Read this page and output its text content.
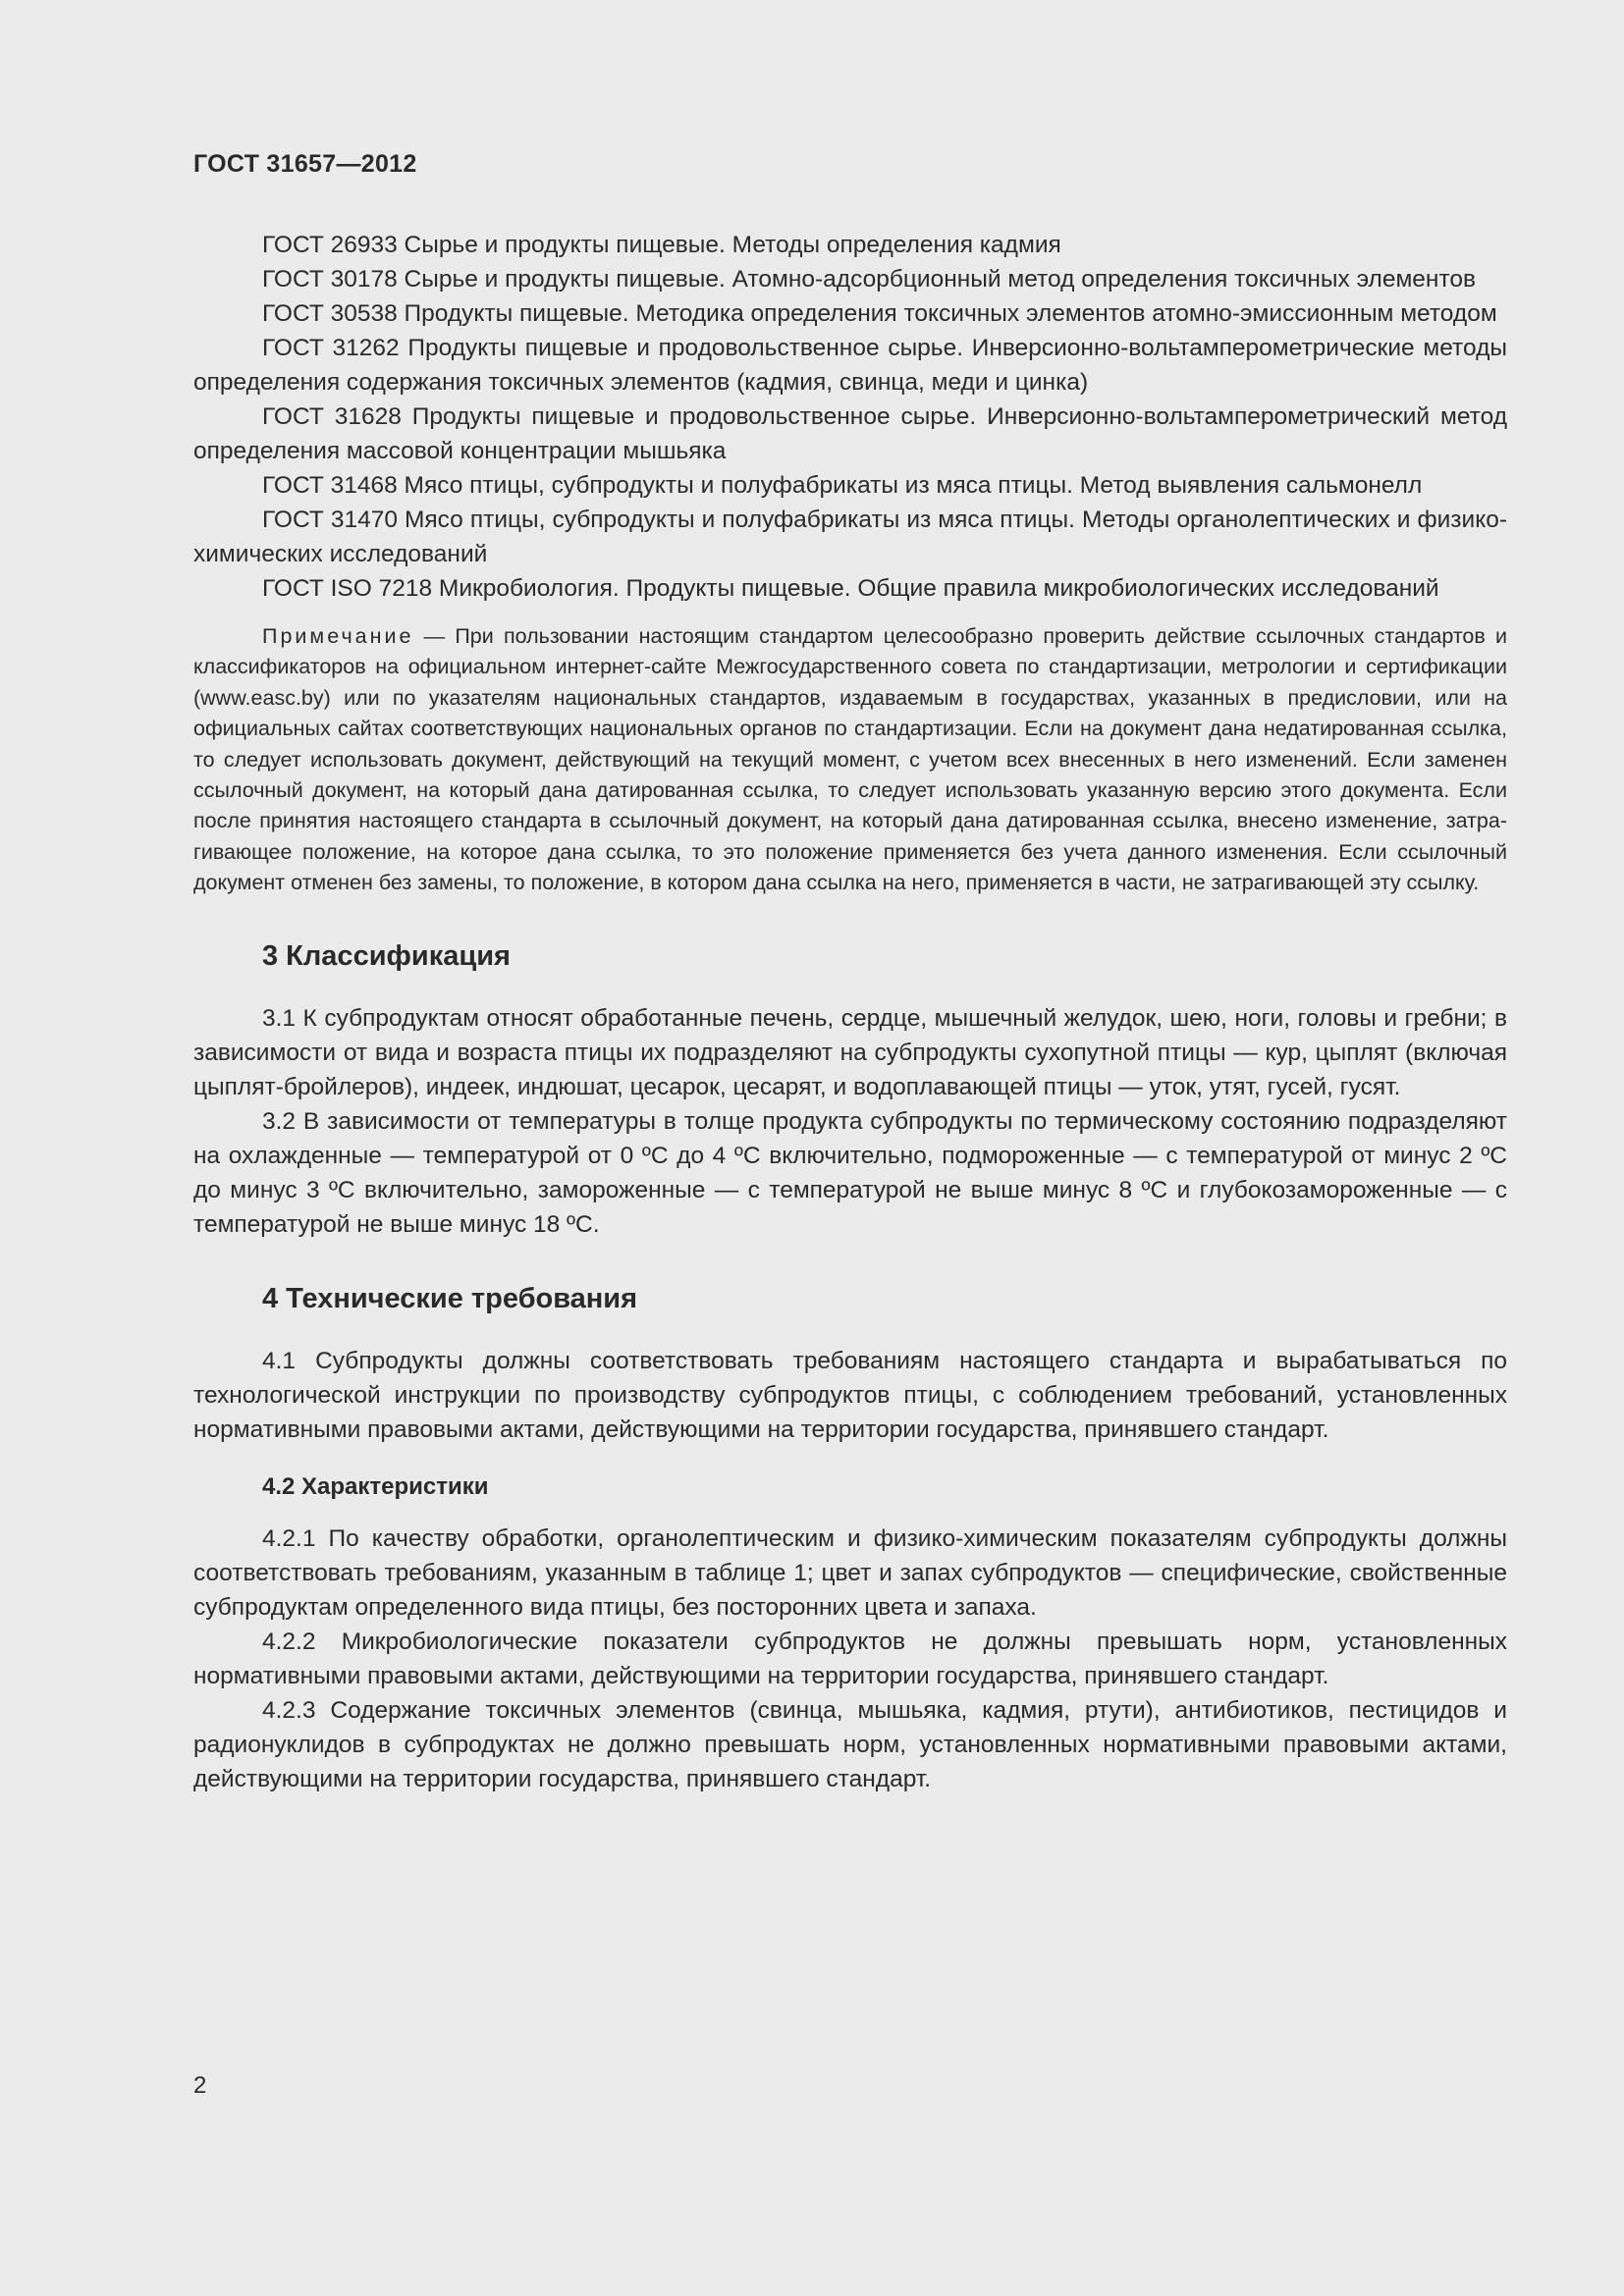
ГОСТ 31657—2012

ГОСТ 26933 Сырье и продукты пищевые. Методы определения кадмия

ГОСТ 30178 Сырье и продукты пищевые. Атомно-адсорбционный метод определения токсичных элементов

ГОСТ 30538 Продукты пищевые. Методика определения токсичных элементов атомно-эмиссионным методом

ГОСТ 31262 Продукты пищевые и продовольственное сырье. Инверсионно-вольтамперометрические методы определения содержания токсичных элементов (кадмия, свинца, меди и цинка)

ГОСТ 31628 Продукты пищевые и продовольственное сырье. Инверсионно-вольтамперометрический метод определения массовой концентрации мышьяка

ГОСТ 31468 Мясо птицы, субпродукты и полуфабрикаты из мяса птицы. Метод выявления сальмонелл

ГОСТ 31470 Мясо птицы, субпродукты и полуфабрикаты из мяса птицы. Методы органолептических и физико-химических исследований

ГОСТ ISO 7218 Микробиология. Продукты пищевые. Общие правила микробиологических исследований

Примечание — При пользовании настоящим стандартом целесообразно проверить действие ссылочных стандартов и классификаторов на официальном интернет-сайте Межгосударственного совета по стандартизации, метрологии и сертификации (www.easc.by) или по указателям национальных стандартов, издаваемым в государствах, указанных в предисловии, или на официальных сайтах соответствующих национальных органов по стандартизации. Если на документ дана недатированная ссылка, то следует использовать документ, действующий на текущий момент, с учетом всех внесенных в него изменений. Если заменен ссылочный документ, на который дана датированная ссылка, то следует использовать указанную версию этого документа. Если после принятия настоящего стандарта в ссылочный документ, на который дана датированная ссылка, внесено изменение, затрагивающее положение, на которое дана ссылка, то это положение применяется без учета данного изменения. Если ссылочный документ отменен без замены, то положение, в котором дана ссылка на него, применяется в части, не затрагивающей эту ссылку.

3 Классификация

3.1 К субпродуктам относят обработанные печень, сердце, мышечный желудок, шею, ноги, головы и гребни; в зависимости от вида и возраста птицы их подразделяют на субпродукты сухопутной птицы — кур, цыплят (включая цыплят-бройлеров), индеек, индюшат, цесарок, цесарят, и водоплавающей птицы — уток, утят, гусей, гусят.

3.2 В зависимости от температуры в толще продукта субпродукты по термическому состоянию подразделяют на охлажденные — температурой от 0 ºС до 4 ºС включительно, подмороженные — с температурой от минус 2 ºС до минус 3 ºС включительно, замороженные — с температурой не выше минус 8 ºС и глубокозамороженные — с температурой не выше минус 18 ºС.

4 Технические требования

4.1 Субпродукты должны соответствовать требованиям настоящего стандарта и вырабатываться по технологической инструкции по производству субпродуктов птицы, с соблюдением требований, установленных нормативными правовыми актами, действующими на территории государства, принявшего стандарт.

4.2 Характеристики

4.2.1 По качеству обработки, органолептическим и физико-химическим показателям субпродукты должны соответствовать требованиям, указанным в таблице 1; цвет и запах субпродуктов — специфические, свойственные субпродуктам определенного вида птицы, без посторонних цвета и запаха.

4.2.2 Микробиологические показатели субпродуктов не должны превышать норм, установленных нормативными правовыми актами, действующими на территории государства, принявшего стандарт.

4.2.3 Содержание токсичных элементов (свинца, мышьяка, кадмия, ртути), антибиотиков, пестицидов и радионуклидов в субпродуктах не должно превышать норм, установленных нормативными правовыми актами, действующими на территории государства, принявшего стандарт.

2
